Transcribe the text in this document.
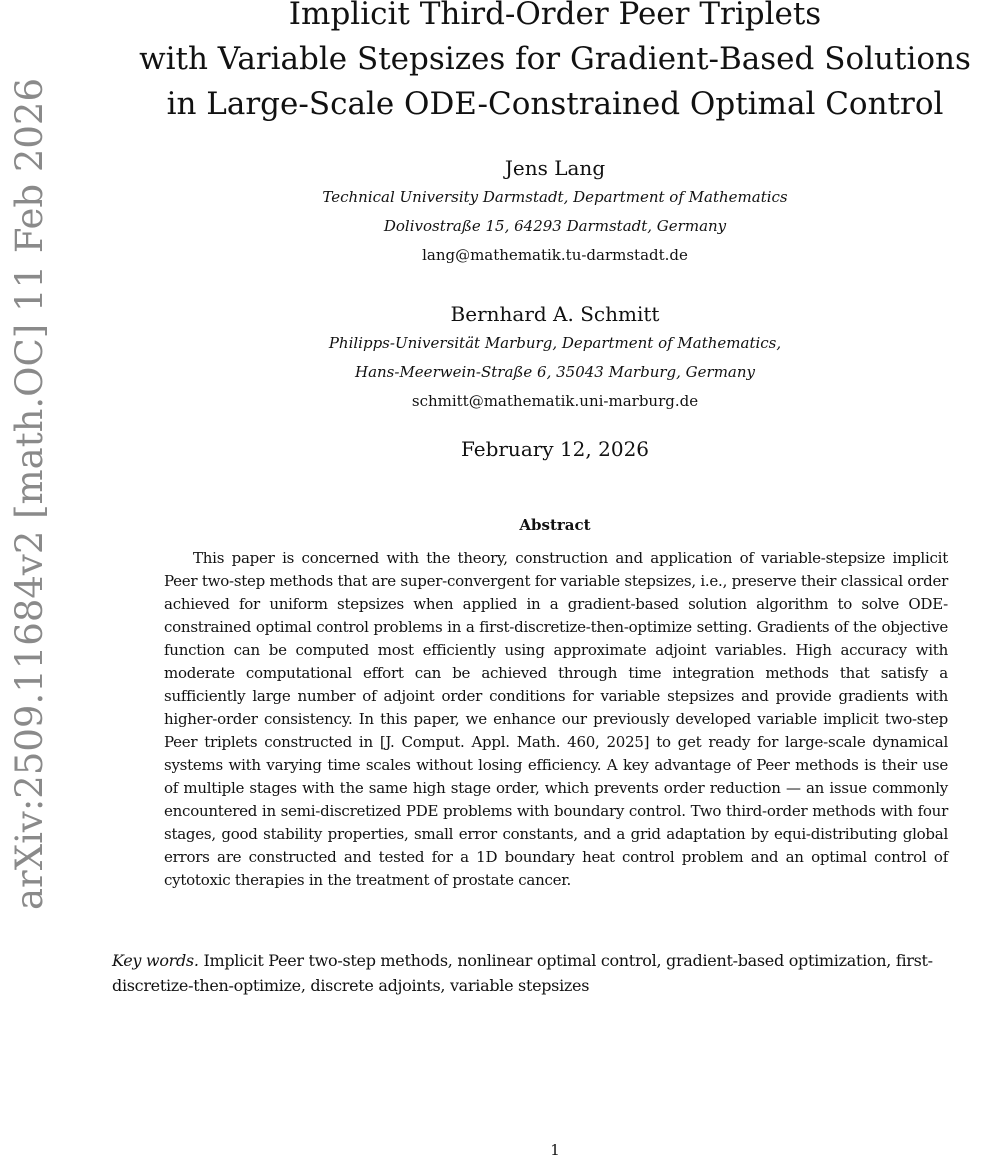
arXiv:2509.11684v2 [math.OC] 11 Feb 2026
Implicit Third-Order Peer Triplets
with Variable Stepsizes for Gradient-Based Solutions
in Large-Scale ODE-Constrained Optimal Control
Jens Lang
Technical University Darmstadt, Department of Mathematics
Dolivostraße 15, 64293 Darmstadt, Germany
lang@mathematik.tu-darmstadt.de
Bernhard A. Schmitt
Philipps-Universität Marburg, Department of Mathematics,
Hans-Meerwein-Straße 6, 35043 Marburg, Germany
schmitt@mathematik.uni-marburg.de
February 12, 2026
Abstract

This paper is concerned with the theory, construction and application of variable-stepsize implicit Peer two-step methods that are super-convergent for variable stepsizes, i.e., preserve their classical order achieved for uniform stepsizes when applied in a gradient-based solution algorithm to solve ODE-constrained optimal control problems in a first-discretize-then-optimize setting. Gradients of the objective function can be computed most efficiently using approximate adjoint variables. High accuracy with moderate computational effort can be achieved through time integration methods that satisfy a sufficiently large number of adjoint order conditions for variable stepsizes and provide gradients with higher-order consistency. In this paper, we enhance our previously developed variable implicit two-step Peer triplets constructed in [J. Comput. Appl. Math. 460, 2025] to get ready for large-scale dynamical systems with varying time scales without losing efficiency. A key advantage of Peer methods is their use of multiple stages with the same high stage order, which prevents order reduction — an issue commonly encountered in semi-discretized PDE problems with boundary control. Two third-order methods with four stages, good stability properties, small error constants, and a grid adaptation by equi-distributing global errors are constructed and tested for a 1D boundary heat control problem and an optimal control of cytotoxic therapies in the treatment of prostate cancer.

Key words. Implicit Peer two-step methods, nonlinear optimal control, gradient-based optimization, first-discretize-then-optimize, discrete adjoints, variable stepsizes

1
